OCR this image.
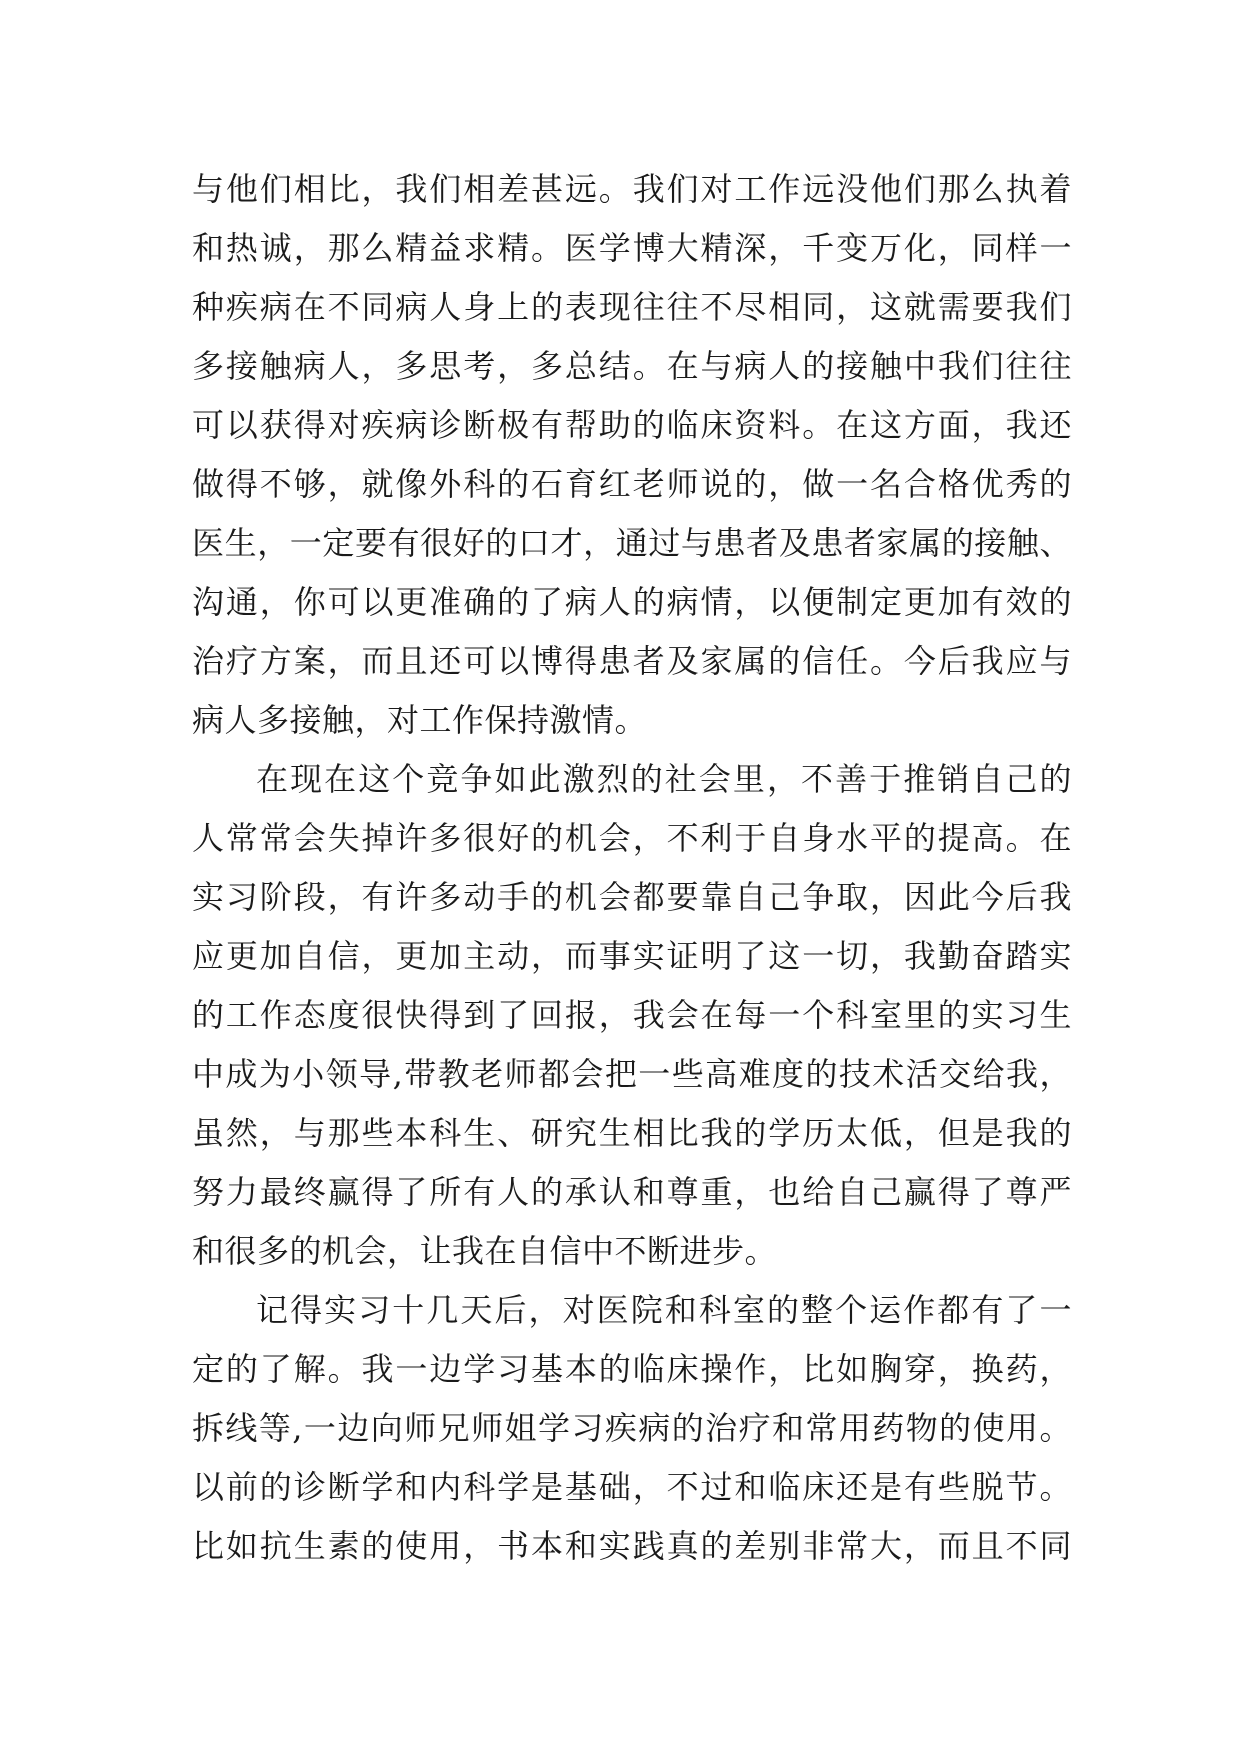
与他们相比，我们相差甚远。我们对工作远没他们那么执着
和热诚，那么精益求精。医学博大精深，千变万化，同样一
种疾病在不同病人身上的表现往往不尽相同，这就需要我们
多接触病人，多思考，多总结。在与病人的接触中我们往往
可以获得对疾病诊断极有帮助的临床资料。在这方面，我还
做得不够，就像外科的石育红老师说的，做一名合格优秀的
医生，一定要有很好的口才，通过与患者及患者家属的接触、
沟通，你可以更准确的了病人的病情，以便制定更加有效的
治疗方案，而且还可以博得患者及家属的信任。今后我应与
病人多接触，对工作保持激情。
在现在这个竞争如此激烈的社会里，不善于推销自己的
人常常会失掉许多很好的机会，不利于自身水平的提高。在
实习阶段，有许多动手的机会都要靠自己争取，因此今后我
应更加自信，更加主动，而事实证明了这一切，我勤奋踏实
的工作态度很快得到了回报，我会在每一个科室里的实习生
中成为小领导,带教老师都会把一些高难度的技术活交给我，
虽然，与那些本科生、研究生相比我的学历太低，但是我的
努力最终赢得了所有人的承认和尊重，也给自己赢得了尊严
和很多的机会，让我在自信中不断进步。
记得实习十几天后，对医院和科室的整个运作都有了一
定的了解。我一边学习基本的临床操作，比如胸穿，换药，
拆线等,一边向师兄师姐学习疾病的治疗和常用药物的使用。
以前的诊断学和内科学是基础，不过和临床还是有些脱节。
比如抗生素的使用，书本和实践真的差别非常大，而且不同
